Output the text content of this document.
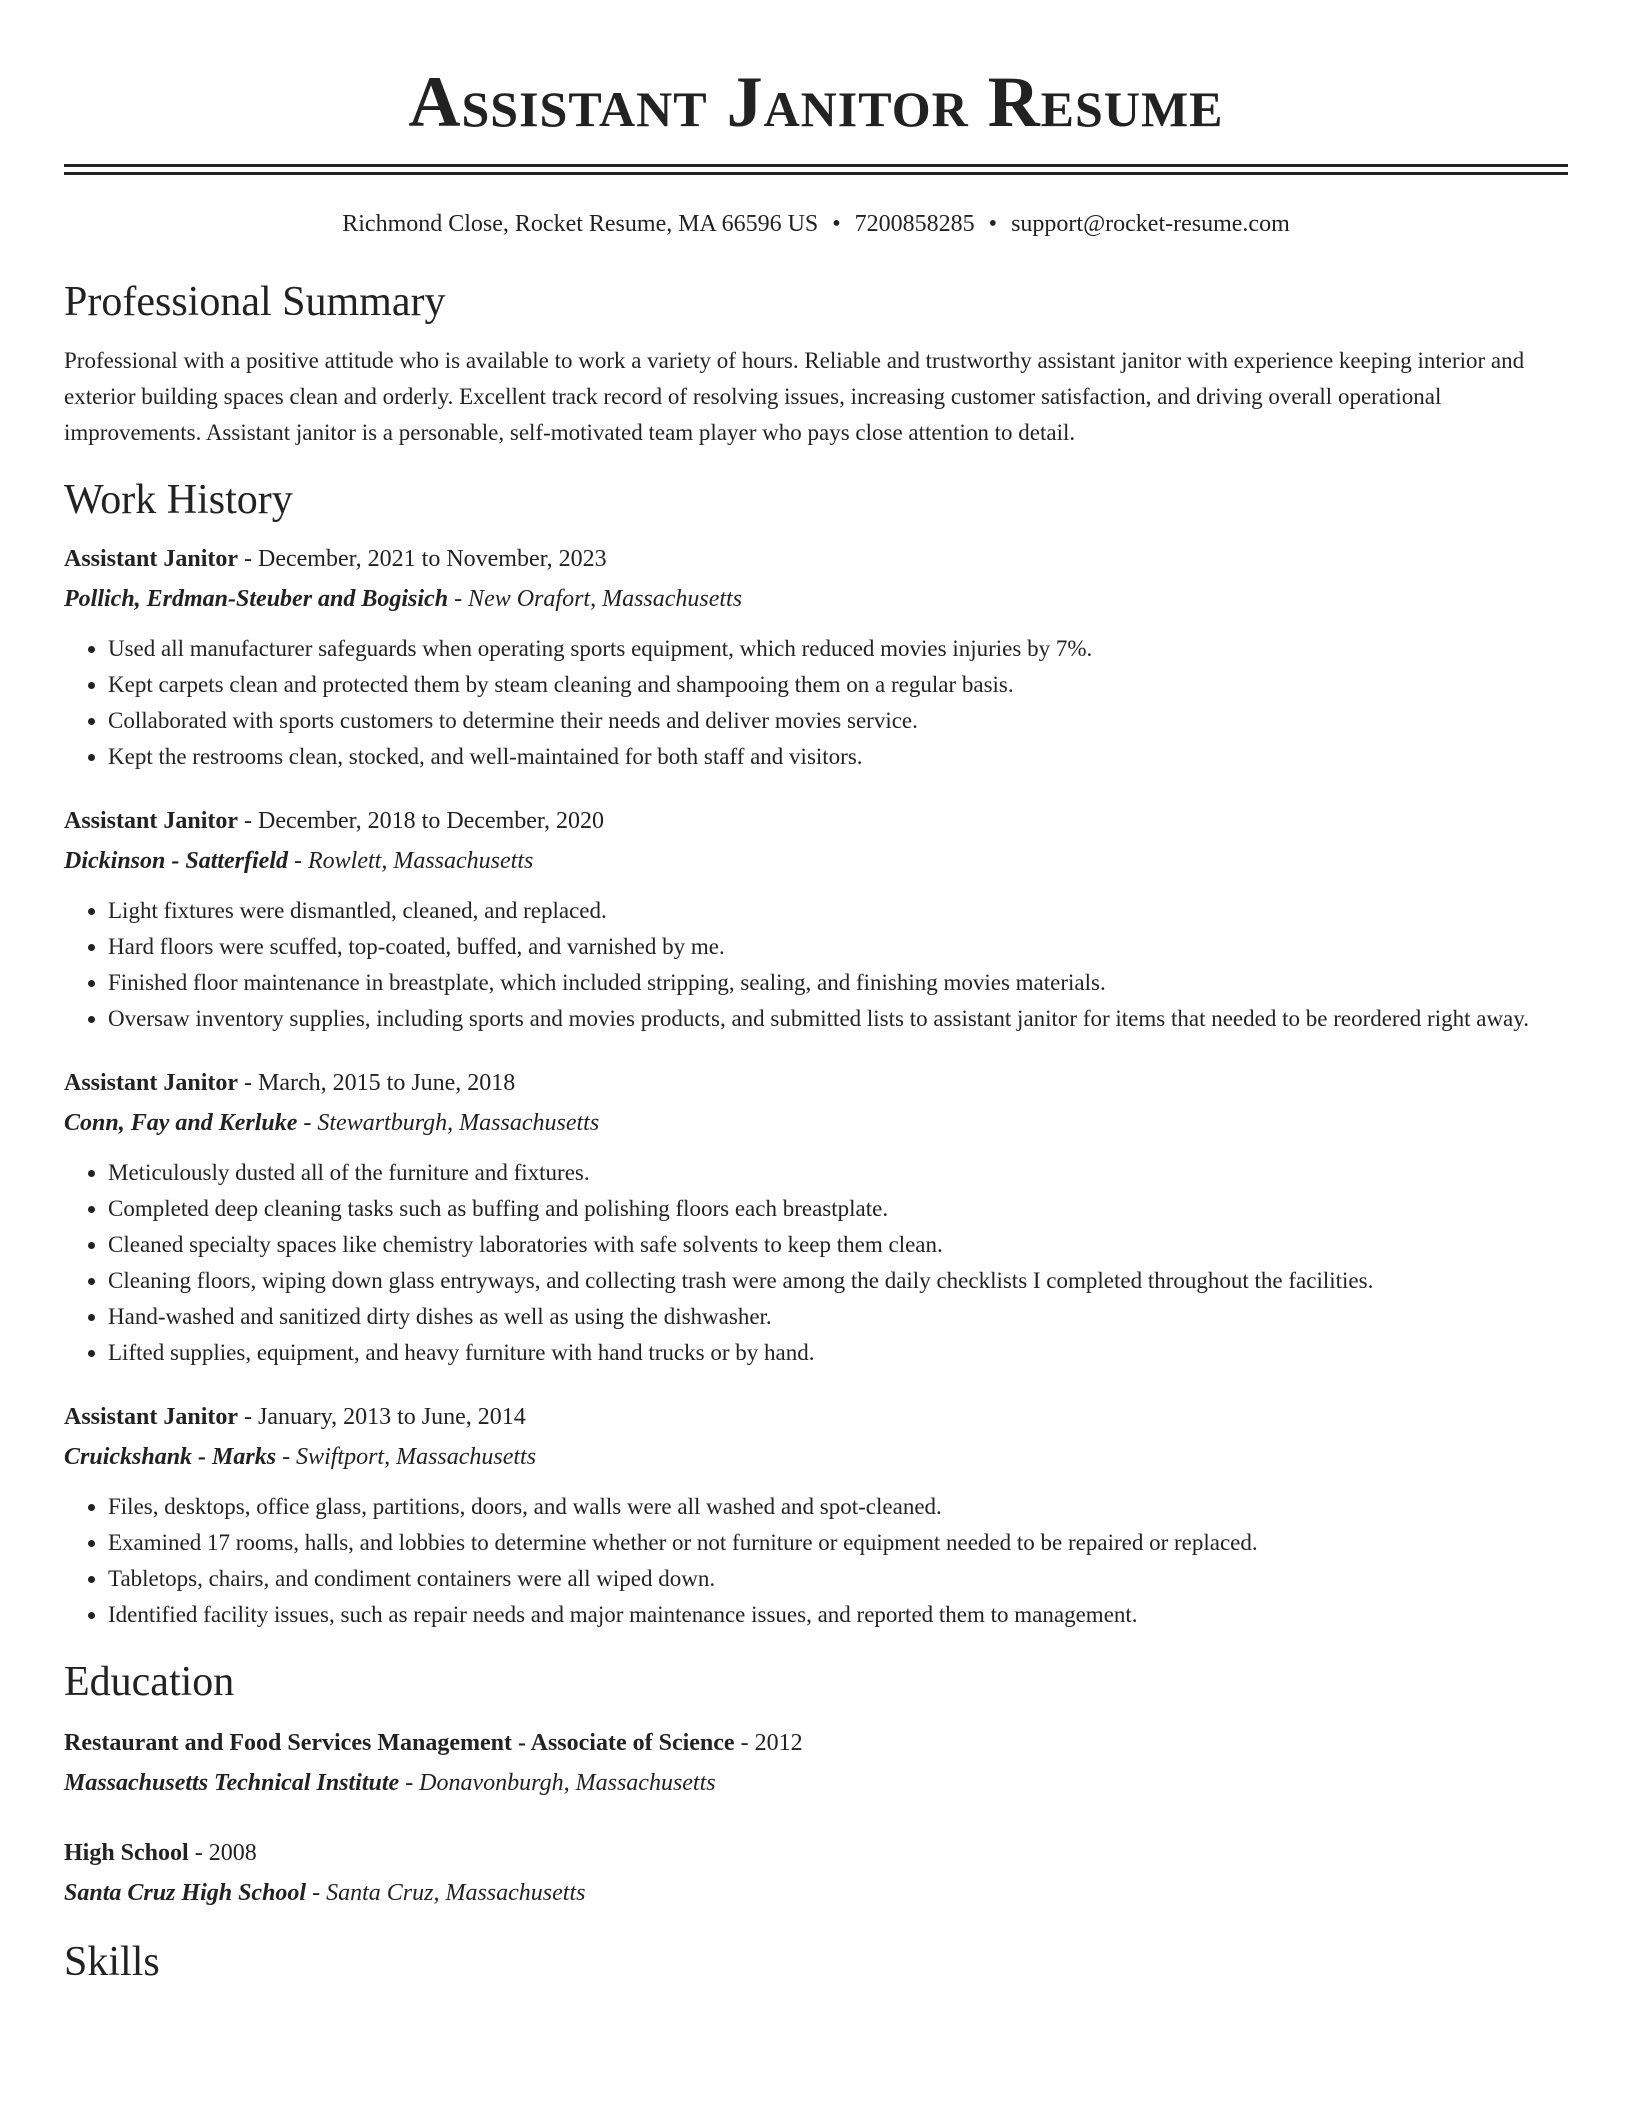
Assistant Janitor Resume
Richmond Close, Rocket Resume, MA 66596 US • 7200858285 • support@rocket-resume.com
Professional Summary

Professional with a positive attitude who is available to work a variety of hours. Reliable and trustworthy assistant janitor with experience keeping interior and exterior building spaces clean and orderly. Excellent track record of resolving issues, increasing customer satisfaction, and driving overall operational improvements. Assistant janitor is a personable, self-motivated team player who pays close attention to detail.

Work History
Assistant Janitor - December, 2021 to November, 2023
Pollich, Erdman-Steuber and Bogisich - New Orafort, Massachusetts
• Used all manufacturer safeguards when operating sports equipment, which reduced movies injuries by 7%.
• Kept carpets clean and protected them by steam cleaning and shampooing them on a regular basis.
• Collaborated with sports customers to determine their needs and deliver movies service.
• Kept the restrooms clean, stocked, and well-maintained for both staff and visitors.
Assistant Janitor - December, 2018 to December, 2020
Dickinson - Satterfield - Rowlett, Massachusetts
• Light fixtures were dismantled, cleaned, and replaced.
• Hard floors were scuffed, top-coated, buffed, and varnished by me.
• Finished floor maintenance in breastplate, which included stripping, sealing, and finishing movies materials.
• Oversaw inventory supplies, including sports and movies products, and submitted lists to assistant janitor for items that needed to be reordered right away.
Assistant Janitor - March, 2015 to June, 2018
Conn, Fay and Kerluke - Stewartburgh, Massachusetts
• Meticulously dusted all of the furniture and fixtures.
• Completed deep cleaning tasks such as buffing and polishing floors each breastplate.
• Cleaned specialty spaces like chemistry laboratories with safe solvents to keep them clean.
• Cleaning floors, wiping down glass entryways, and collecting trash were among the daily checklists I completed throughout the facilities.
• Hand-washed and sanitized dirty dishes as well as using the dishwasher.
• Lifted supplies, equipment, and heavy furniture with hand trucks or by hand.
Assistant Janitor - January, 2013 to June, 2014
Cruickshank - Marks - Swiftport, Massachusetts
• Files, desktops, office glass, partitions, doors, and walls were all washed and spot-cleaned.
• Examined 17 rooms, halls, and lobbies to determine whether or not furniture or equipment needed to be repaired or replaced.
• Tabletops, chairs, and condiment containers were all wiped down.
• Identified facility issues, such as repair needs and major maintenance issues, and reported them to management.
Education
Restaurant and Food Services Management - Associate of Science - 2012
Massachusetts Technical Institute - Donavonburgh, Massachusetts
High School - 2008
Santa Cruz High School - Santa Cruz, Massachusetts
Skills
